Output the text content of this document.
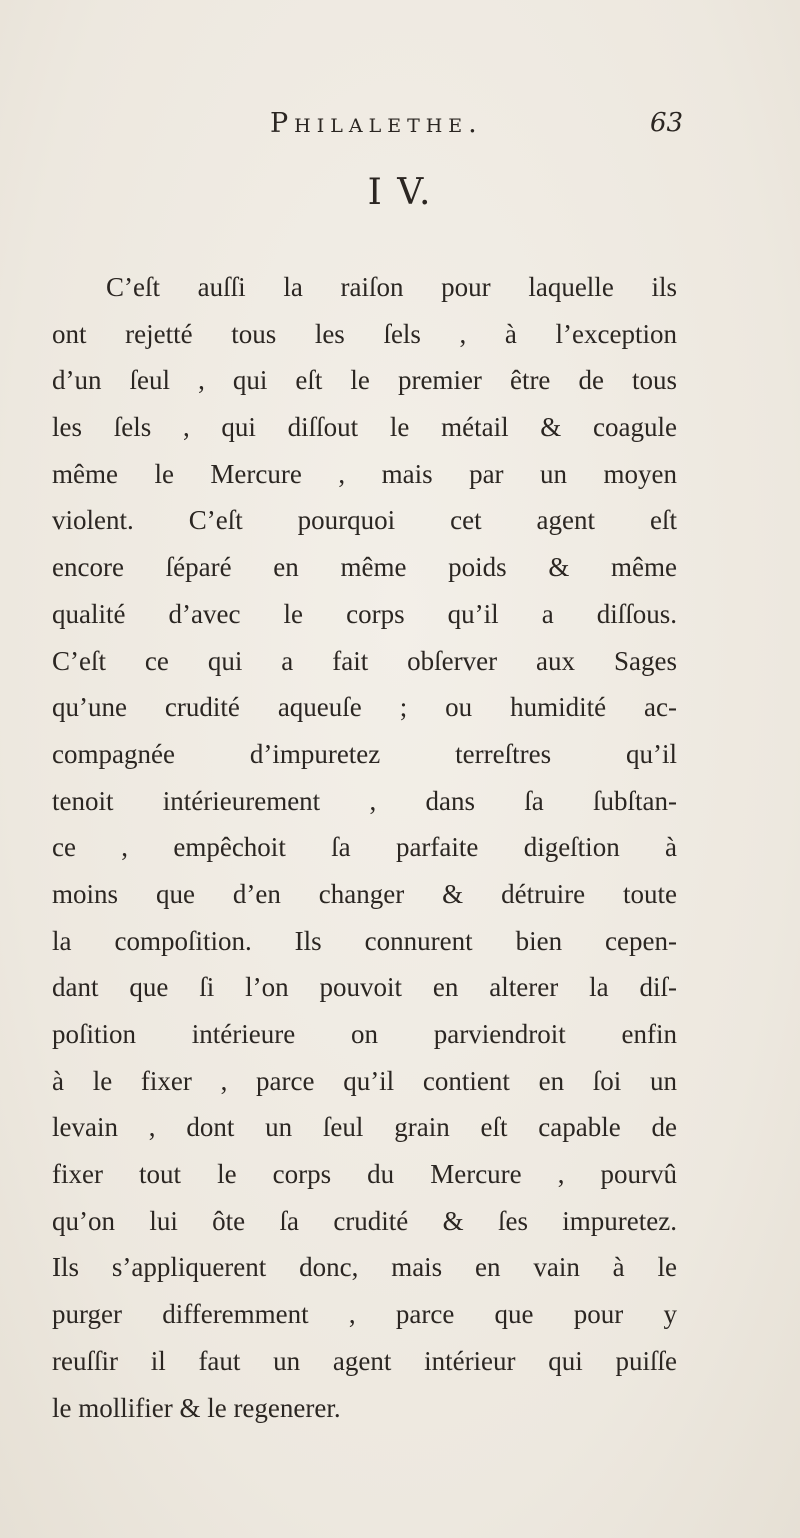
Philalethe.	63
I V.
C’eſt auſſi la raiſon pour laquelle ils
ont rejetté tous les ſels , à l’exception
d’un ſeul , qui eſt le premier être de tous
les ſels , qui diſſout le métail & coagule
même le Mercure , mais par un moyen
violent. C’eſt pourquoi cet agent eſt
encore ſéparé en même poids & même
qualité d’avec le corps qu’il a diſſous.
C’eſt ce qui a fait obſerver aux Sages
qu’une crudité aqueuſe ; ou humidité ac-
compagnée d’impuretez terreſtres qu’il
tenoit intérieurement , dans ſa ſubſtan-
ce , empêchoit ſa parfaite digeſtion à
moins que d’en changer & détruire toute
la compoſition. Ils connurent bien cepen-
dant que ſi l’on pouvoit en alterer la diſ-
poſition intérieure on parviendroit enfin
à le fixer , parce qu’il contient en ſoi un
levain , dont un ſeul grain eſt capable de
fixer tout le corps du Mercure , pourvû
qu’on lui ôte ſa crudité & ſes impuretez.
Ils s’appliquerent donc, mais en vain à le
purger differemment , parce que pour y
reuſſir il faut un agent intérieur qui puiſſe
le mollifier & le regenerer.
